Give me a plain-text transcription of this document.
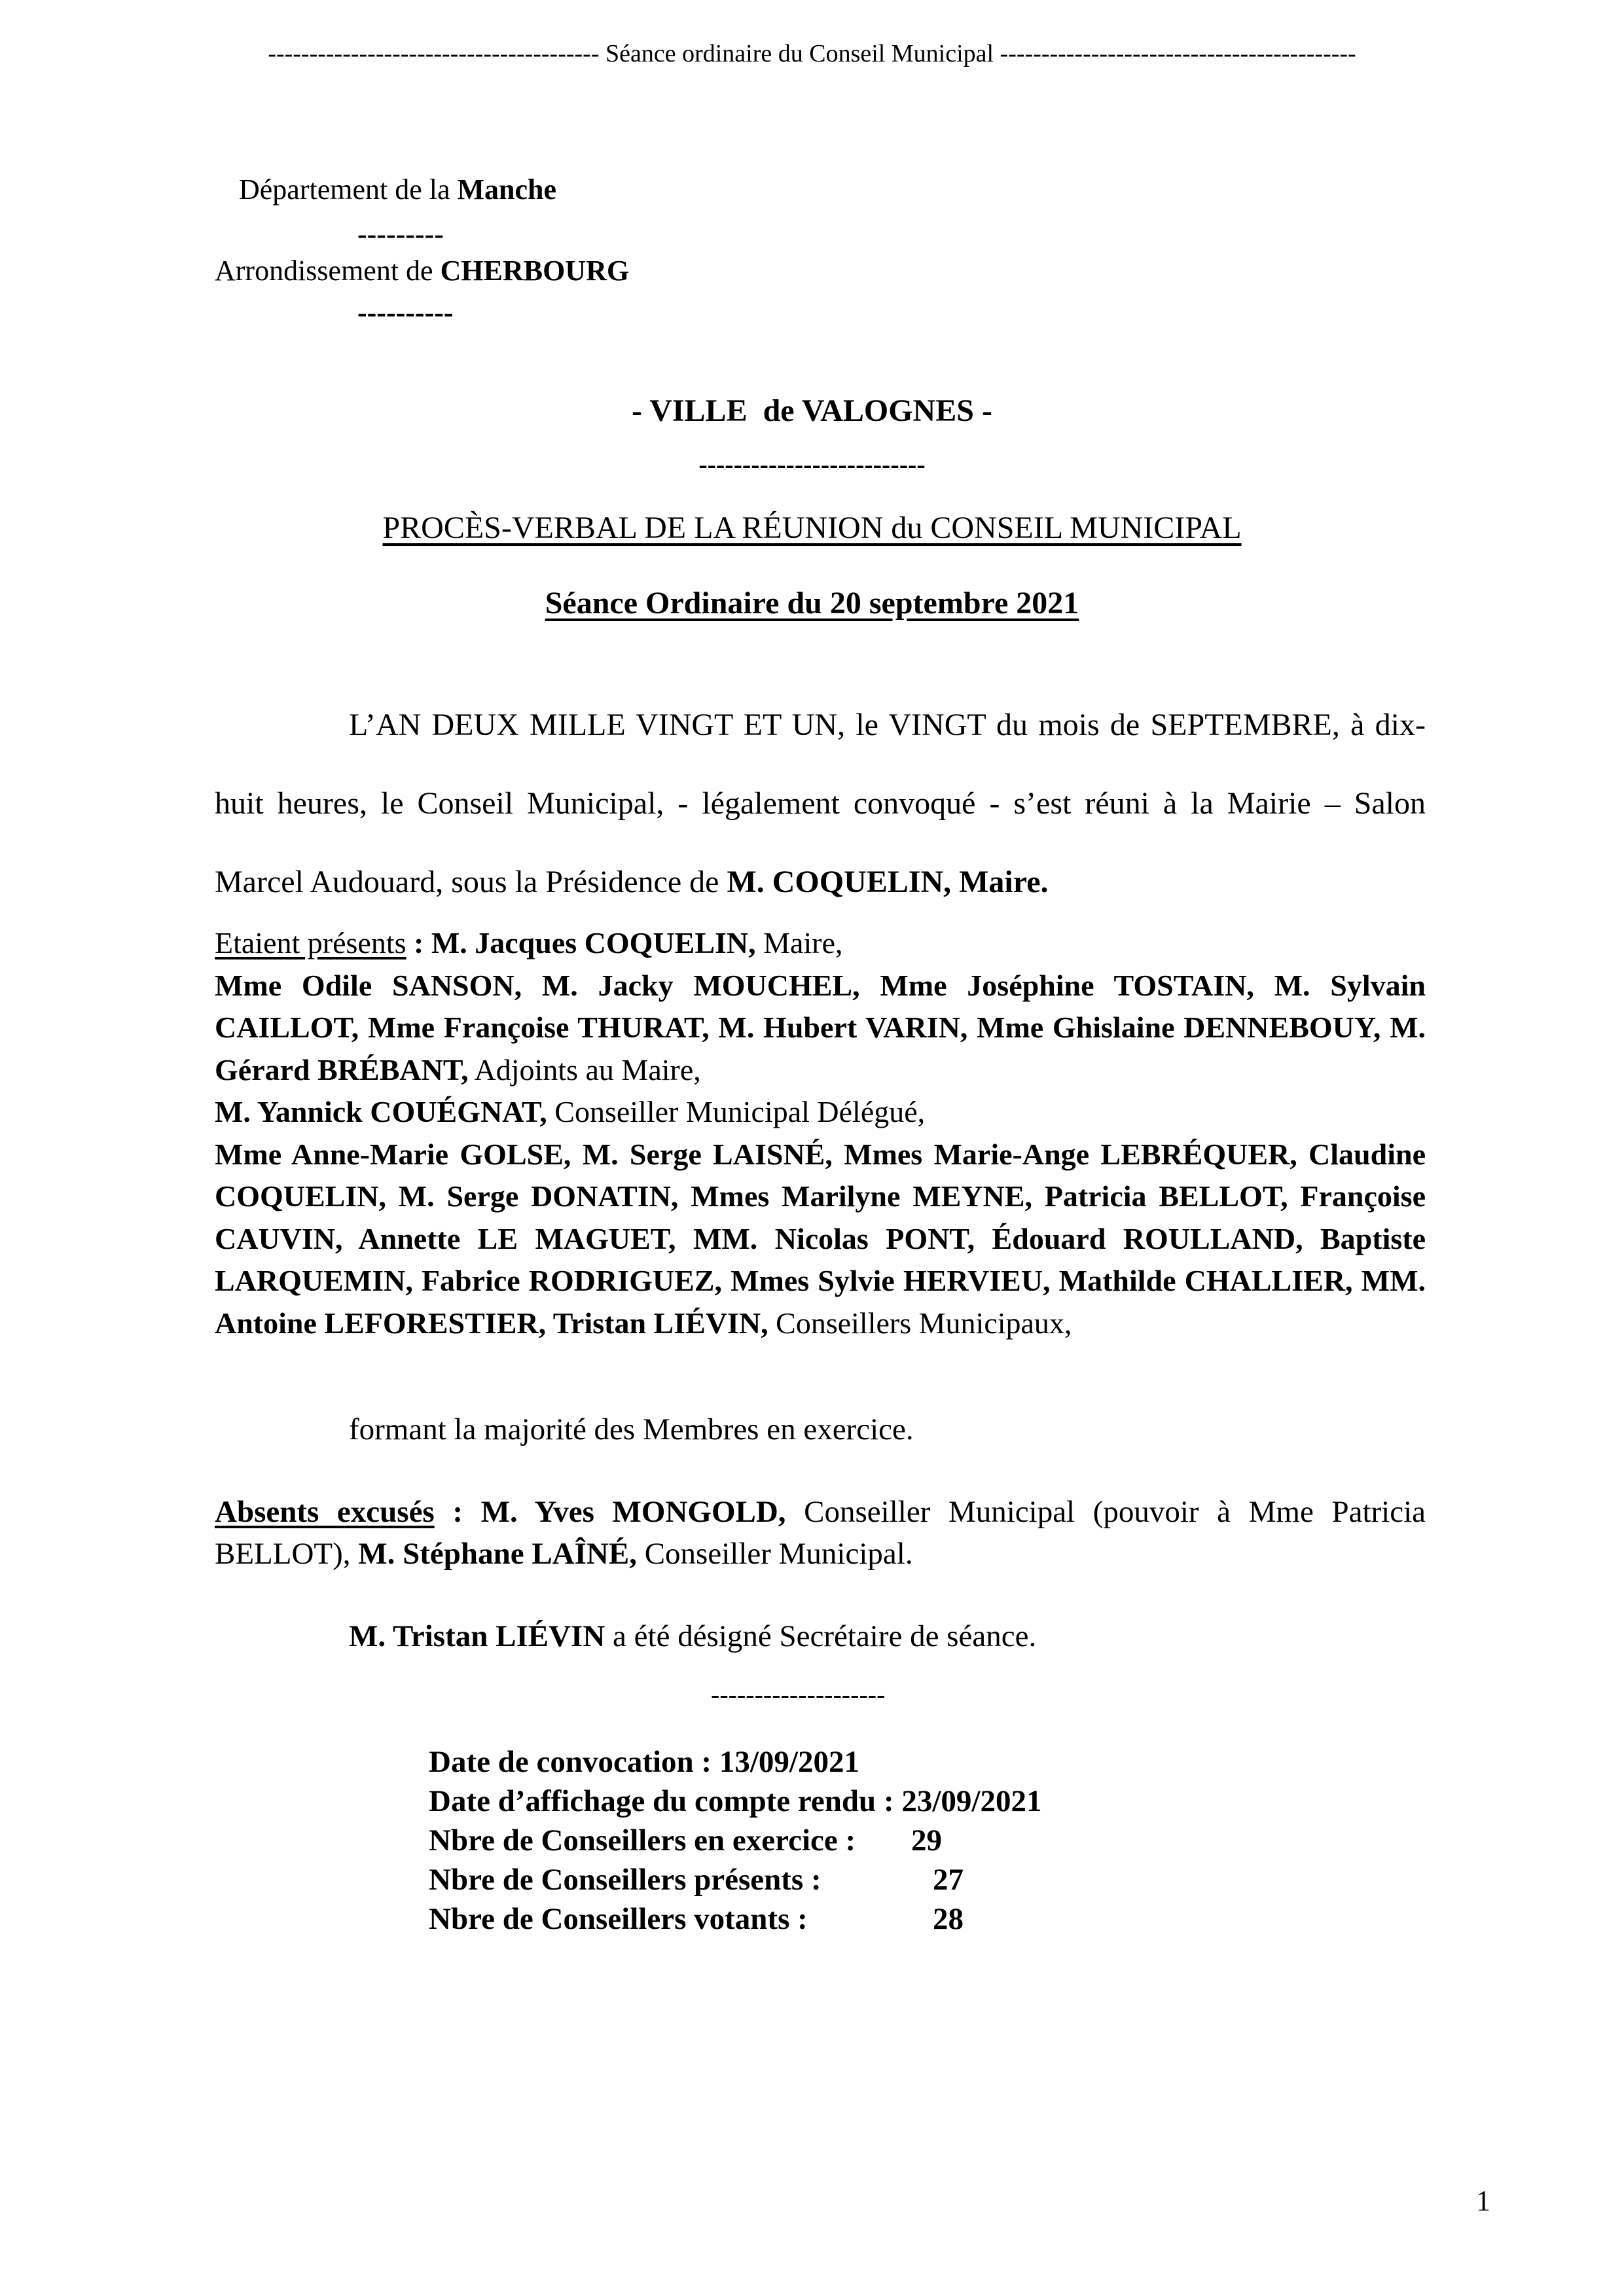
---------------------------------------- Séance ordinaire du Conseil Municipal -------------------------------------------
Département de la Manche
---------
Arrondissement de CHERBOURG
----------
- VILLE  de VALOGNES -
--------------------------
PROCÈS-VERBAL DE LA RÉUNION du CONSEIL MUNICIPAL
Séance Ordinaire du 20 septembre 2021
L’AN DEUX MILLE VINGT ET UN, le VINGT du mois de SEPTEMBRE, à dix-huit heures, le Conseil Municipal, - légalement convoqué - s’est réuni à la Mairie – Salon Marcel Audouard, sous la Présidence de M. COQUELIN, Maire.
Etaient présents : M. Jacques COQUELIN, Maire,
Mme Odile SANSON, M. Jacky MOUCHEL, Mme Joséphine TOSTAIN, M. Sylvain CAILLOT, Mme Françoise THURAT, M. Hubert VARIN, Mme Ghislaine DENNEBOUY, M. Gérard BRÉBANT, Adjoints au Maire,
M. Yannick COUÉGNAT, Conseiller Municipal Délégué,
Mme Anne-Marie GOLSE, M. Serge LAISNÉ, Mmes Marie-Ange LEBRÉQUER, Claudine COQUELIN, M. Serge DONATIN, Mmes Marilyne MEYNE, Patricia BELLOT, Françoise CAUVIN, Annette LE MAGUET, MM. Nicolas PONT, Édouard ROULLAND, Baptiste LARQUEMIN, Fabrice RODRIGUEZ, Mmes Sylvie HERVIEU, Mathilde CHALLIER, MM. Antoine LEFORESTIER, Tristan LIÉVIN, Conseillers Municipaux,
formant la majorité des Membres en exercice.
Absents excusés : M. Yves MONGOLD, Conseiller Municipal (pouvoir à Mme Patricia BELLOT), M. Stéphane LAÎNÉ, Conseiller Municipal.
M. Tristan LIÉVIN a été désigné Secrétaire de séance.
--------------------
Date de convocation : 13/09/2021
Date d’affichage du compte rendu : 23/09/2021
Nbre de Conseillers en exercice : 29
Nbre de Conseillers présents :	27
Nbre de Conseillers votants :	28
1
